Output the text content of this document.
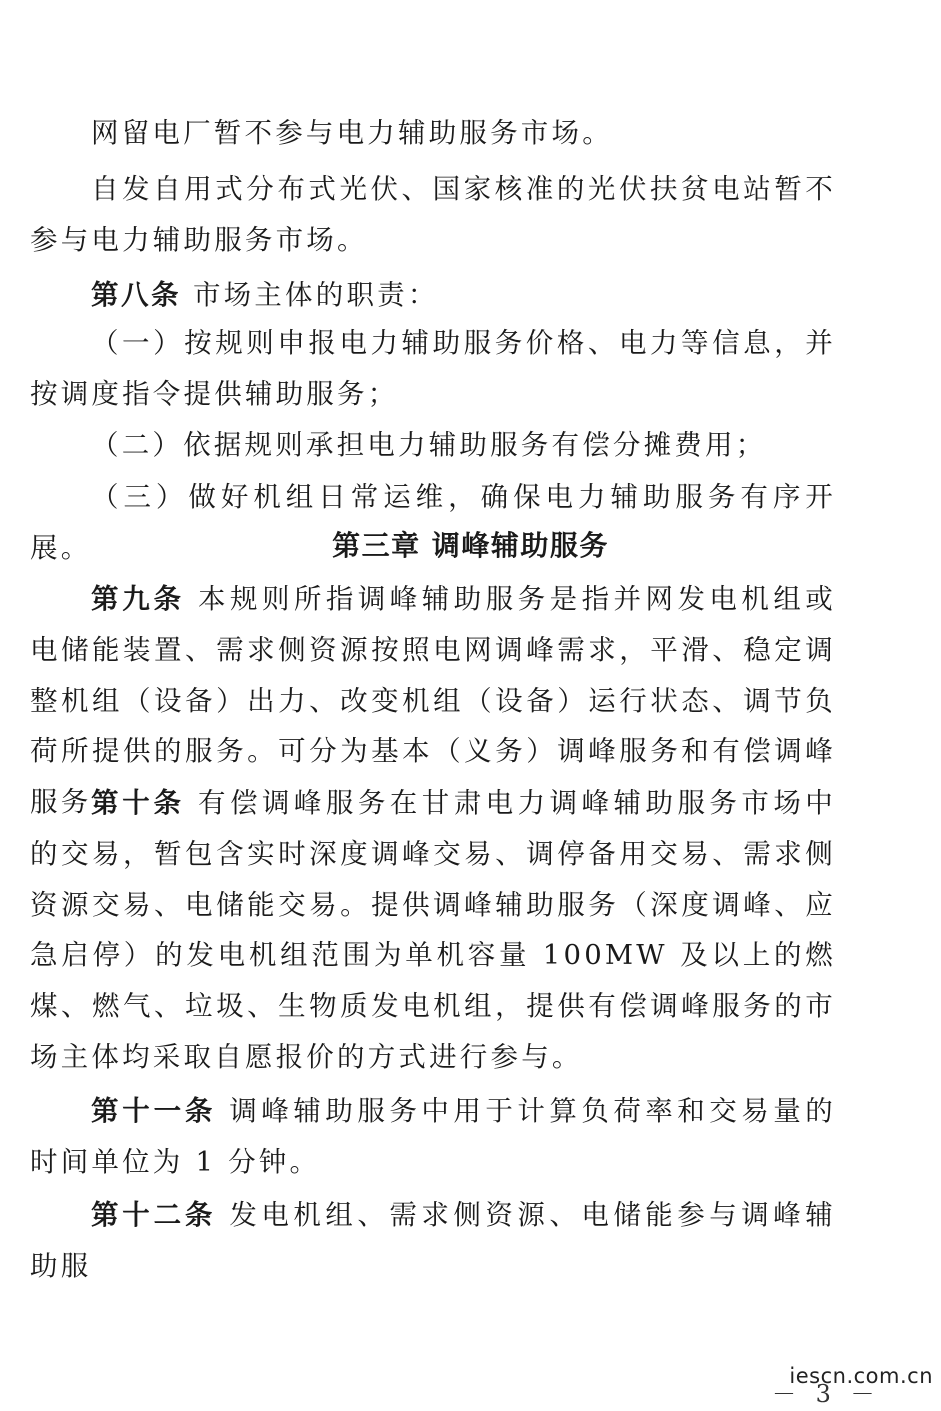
网留电厂暂不参与电力辅助服务市场。

自发自用式分布式光伏、国家核准的光伏扶贫电站暂不参与电力辅助服务市场。

第八条 市场主体的职责：

（一）按规则申报电力辅助服务价格、电力等信息，并按调度指令提供辅助服务；

（二）依据规则承担电力辅助服务有偿分摊费用；

（三）做好机组日常运维，确保电力辅助服务有序开展。	第三章 调峰辅助服务

第九条 本规则所指调峰辅助服务是指并网发电机组或电储能装置、需求侧资源按照电网调峰需求，平滑、稳定调整机组（设备）出力、改变机组（设备）运行状态、调节负荷所提供的服务。可分为基本（义务）调峰服务和有偿调峰服务 第十条 有偿调峰服务在甘肃电力调峰辅助服务市场中的交易，暂包含实时深度调峰交易、调停备用交易、需求侧资源交易、电储能交易。提供调峰辅助服务（深度调峰、应急启停）的发电机组范围为单机容量 100MW 及以上的燃煤、燃气、垃圾、生物质发电机组，提供有偿调峰服务的市场主体均采取自愿报价的方式进行参与。

第十一条 调峰辅助服务中用于计算负荷率和交易量的时间单位为 1 分钟。

第十二条 发电机组、需求侧资源、电储能参与调峰辅助服

－ 3 －
iescn.com.cn
